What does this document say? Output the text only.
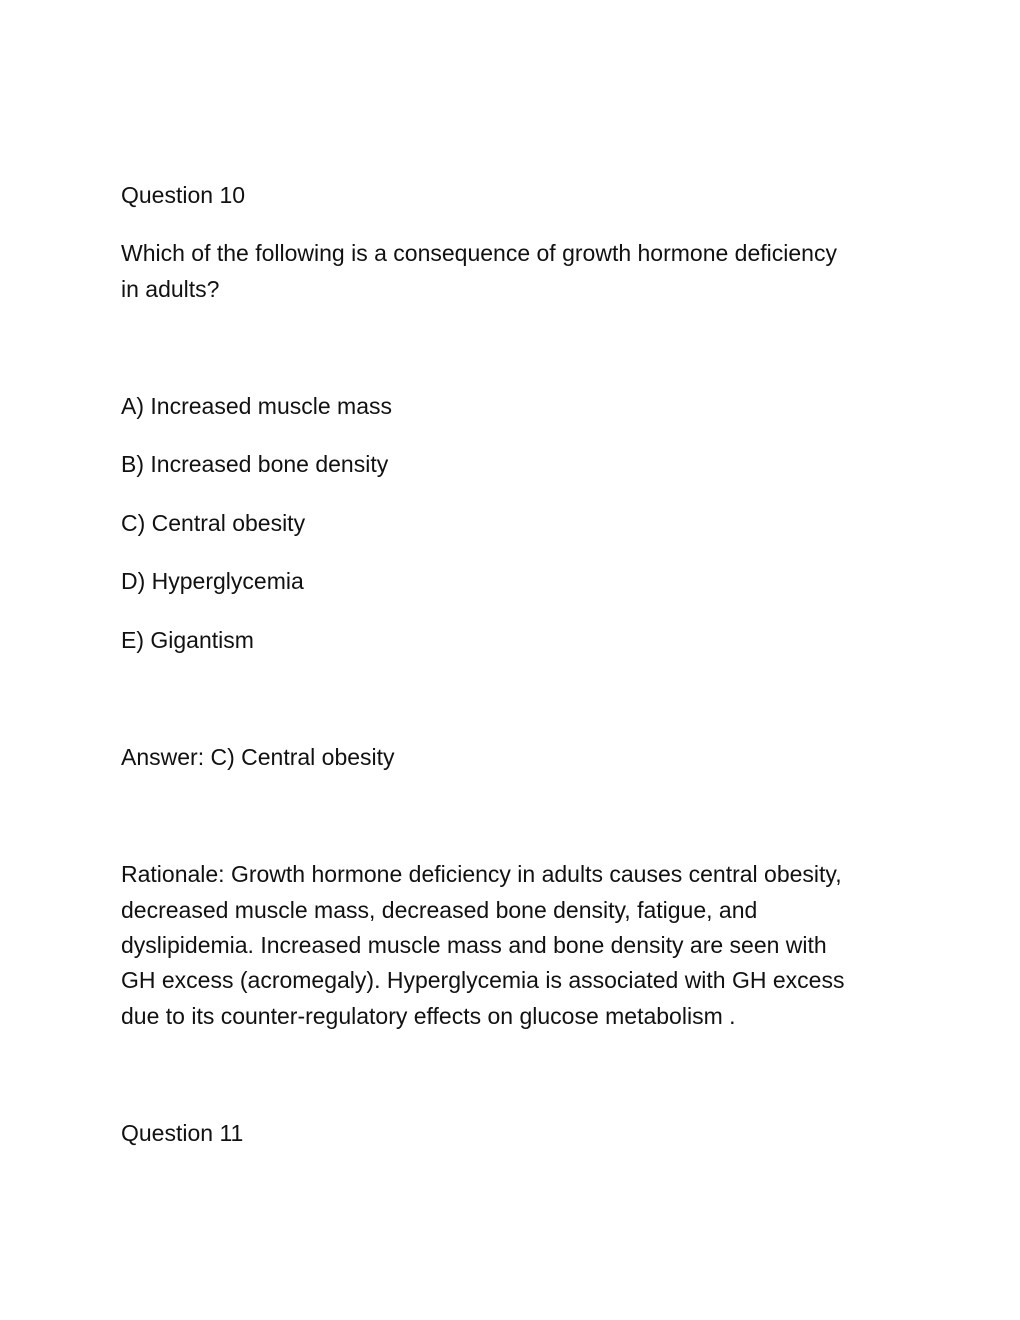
Question 10

Which of the following is a consequence of growth hormone deficiency

in adults?

A) Increased muscle mass

B) Increased bone density

C) Central obesity

D) Hyperglycemia

E) Gigantism

Answer: C) Central obesity

Rationale: Growth hormone deficiency in adults causes central obesity,

decreased muscle mass, decreased bone density, fatigue, and

dyslipidemia. Increased muscle mass and bone density are seen with

GH excess (acromegaly). Hyperglycemia is associated with GH excess

due to its counter-regulatory effects on glucose metabolism .

Question 11
